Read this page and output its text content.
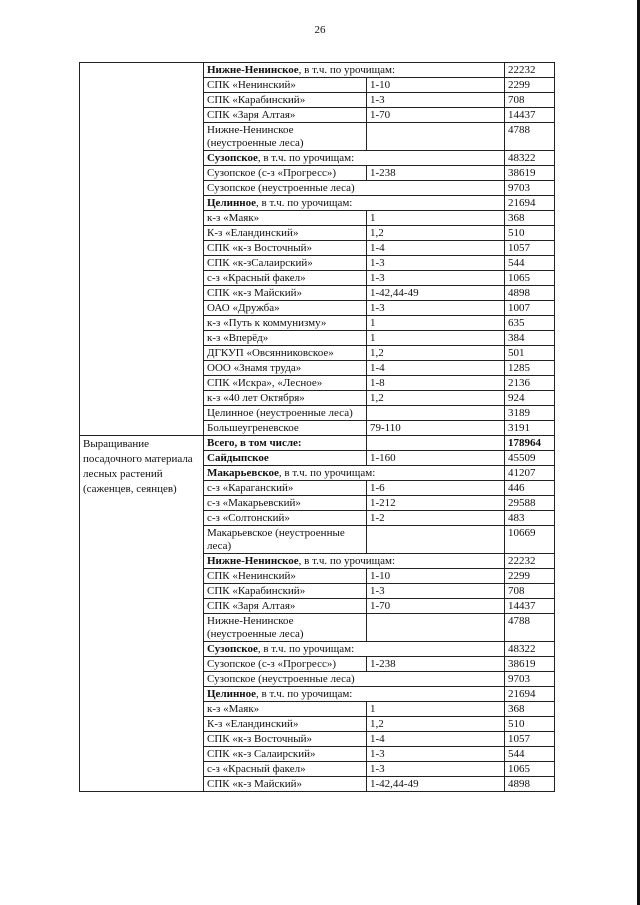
26
	Нижне-Ненинское, в т.ч. по урочищам:		22232
	СПК «Ненинский»	1-10	2299
	СПК «Карабинский»	1-3	708
	СПК «Заря Алтая»	1-70	14437
	Нижне-Ненинское (неустроенные леса)		4788
	Сузопское, в т.ч. по урочищам:		48322
	Сузопское (с-з «Прогресс»)	1-238	38619
	Сузопское (неустроенные леса)		9703
	Целинное, в т.ч. по урочищам:		21694
	к-з «Маяк»	1	368
	К-з «Еландинский»	1,2	510
	СПК «к-з Восточный»	1-4	1057
	СПК «к-зСалаирский»	1-3	544
	с-з «Красный факел»	1-3	1065
	СПК «к-з Майский»	1-42,44-49	4898
	ОАО «Дружба»	1-3	1007
	к-з «Путь к коммунизму»	1	635
	к-з «Вперёд»	1	384
	ДГКУП «Овсянниковское»	1,2	501
	ООО «Знамя труда»	1-4	1285
	СПК «Искра», «Лесное»	1-8	2136
	к-з «40 лет Октября»	1,2	924
	Целинное (неустроенные леса)		3189
	Большеугреневское	79-110	3191
Выращивание посадочного материала лесных растений (саженцев, сеянцев)	Всего, в том числе:		178964
	Сайдыпское	1-160	45509
	Макарьевское, в т.ч. по урочищам:		41207
	с-з «Караганский»	1-6	446
	с-з «Макарьевский»	1-212	29588
	с-з «Солтонский»	1-2	483
	Макарьевское (неустроенные леса)		10669
	Нижне-Ненинское, в т.ч. по урочищам:		22232
	СПК «Ненинский»	1-10	2299
	СПК «Карабинский»	1-3	708
	СПК «Заря Алтая»	1-70	14437
	Нижне-Ненинское (неустроенные леса)		4788
	Сузопское, в т.ч. по урочищам:		48322
	Сузопское (с-з «Прогресс»)	1-238	38619
	Сузопское (неустроенные леса)		9703
	Целинное, в т.ч. по урочищам:		21694
	к-з «Маяк»	1	368
	К-з «Еландинский»	1,2	510
	СПК «к-з Восточный»	1-4	1057
	СПК «к-з Салаирский»	1-3	544
	с-з «Красный факел»	1-3	1065
	СПК «к-з Майский»	1-42,44-49	4898
